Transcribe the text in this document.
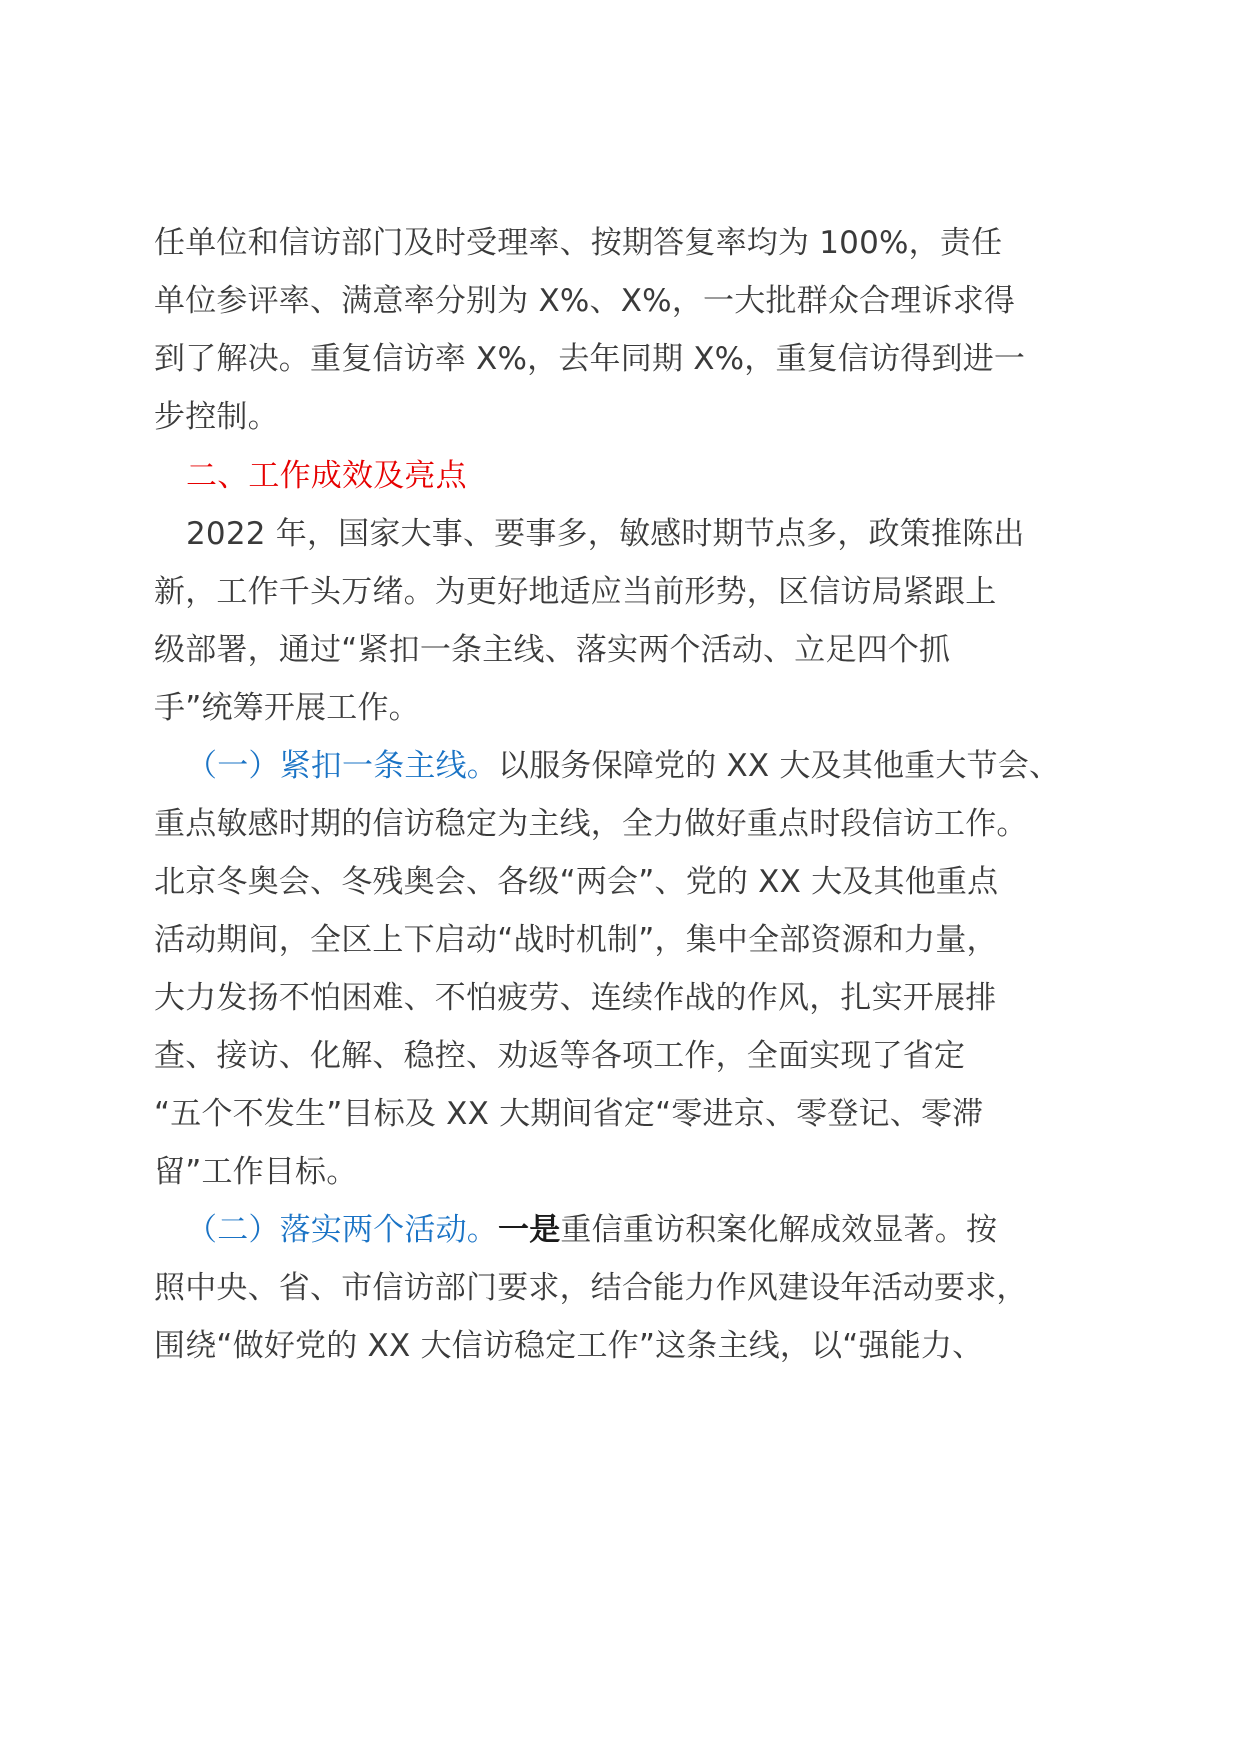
任单位和信访部门及时受理率、按期答复率均为 100%，责任
单位参评率、满意率分别为 X%、X%，一大批群众合理诉求得
到了解决。重复信访率 X%，去年同期 X%，重复信访得到进一
步控制。
二、工作成效及亮点
2022 年，国家大事、要事多，敏感时期节点多，政策推陈出
新，工作千头万绪。为更好地适应当前形势，区信访局紧跟上
级部署，通过“紧扣一条主线、落实两个活动、立足四个抓
手”统筹开展工作。
（一）紧扣一条主线。以服务保障党的 XX 大及其他重大节会、
重点敏感时期的信访稳定为主线，全力做好重点时段信访工作。
北京冬奥会、冬残奥会、各级“两会”、党的 XX 大及其他重点
活动期间，全区上下启动“战时机制”，集中全部资源和力量，
大力发扬不怕困难、不怕疲劳、连续作战的作风，扎实开展排
查、接访、化解、稳控、劝返等各项工作，全面实现了省定
“五个不发生”目标及 XX 大期间省定“零进京、零登记、零滞
留”工作目标。
（二）落实两个活动。一是重信重访积案化解成效显著。按
照中央、省、市信访部门要求，结合能力作风建设年活动要求，
围绕“做好党的 XX 大信访稳定工作”这条主线，以“强能力、
